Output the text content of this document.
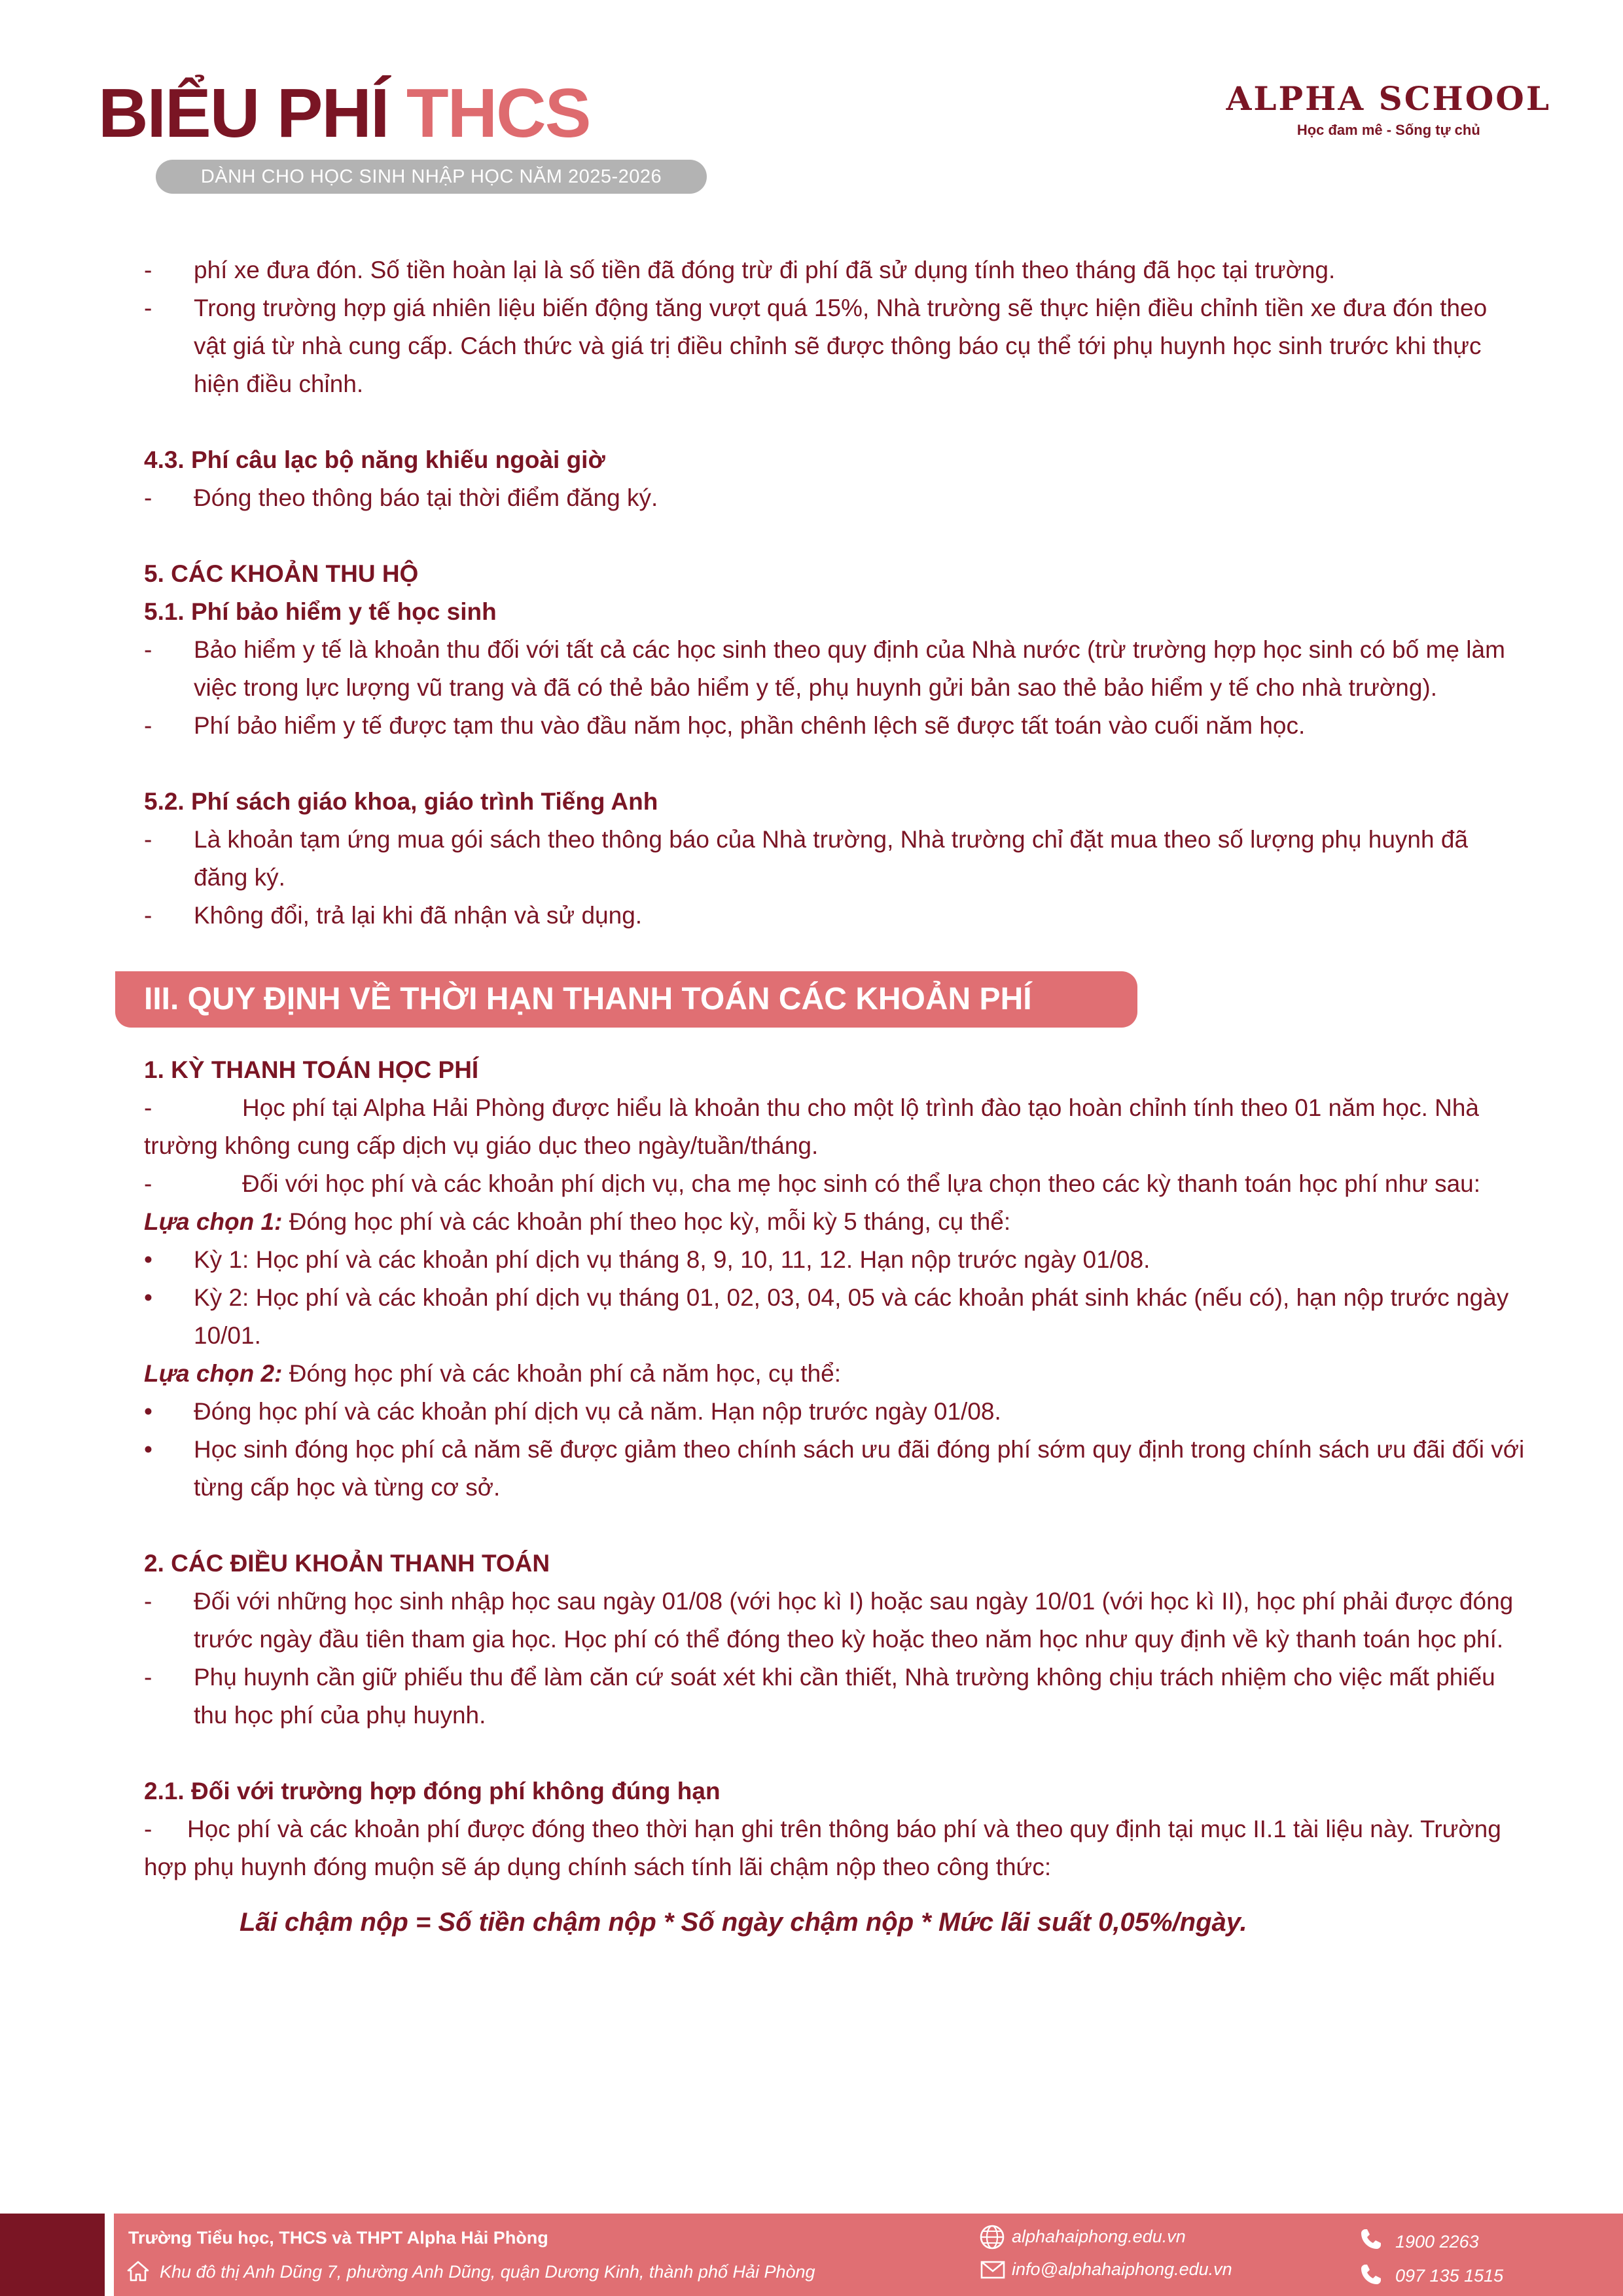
BIỂU PHÍ THCS
DÀNH CHO HỌC SINH NHẬP HỌC NĂM 2025-2026
ALPHA SCHOOL
Học đam mê - Sống tự chủ
- phí xe đưa đón. Số tiền hoàn lại là số tiền đã đóng trừ đi phí đã sử dụng tính theo tháng đã học tại trường.
- Trong trường hợp giá nhiên liệu biến động tăng vượt quá 15%, Nhà trường sẽ thực hiện điều chỉnh tiền xe đưa đón theo vật giá từ nhà cung cấp. Cách thức và giá trị điều chỉnh sẽ được thông báo cụ thể tới phụ huynh học sinh trước khi thực hiện điều chỉnh.
4.3. Phí câu lạc bộ năng khiếu ngoài giờ
- Đóng theo thông báo tại thời điểm đăng ký.
5. CÁC KHOẢN THU HỘ
5.1. Phí bảo hiểm y tế học sinh
- Bảo hiểm y tế là khoản thu đối với tất cả các học sinh theo quy định của Nhà nước (trừ trường hợp học sinh có bố mẹ làm việc trong lực lượng vũ trang và đã có thẻ bảo hiểm y tế, phụ huynh gửi bản sao thẻ bảo hiểm y tế cho nhà trường).
- Phí bảo hiểm y tế được tạm thu vào đầu năm học, phần chênh lệch sẽ được tất toán vào cuối năm học.
5.2. Phí sách giáo khoa, giáo trình Tiếng Anh
- Là khoản tạm ứng mua gói sách theo thông báo của Nhà trường, Nhà trường chỉ đặt mua theo số lượng phụ huynh đã đăng ký.
- Không đổi, trả lại khi đã nhận và sử dụng.
III. QUY ĐỊNH VỀ THỜI HẠN THANH TOÁN CÁC KHOẢN PHÍ
1. KỲ THANH TOÁN HỌC PHÍ
-	Học phí tại Alpha Hải Phòng được hiểu là khoản thu cho một lộ trình đào tạo hoàn chỉnh tính theo 01 năm học. Nhà trường không cung cấp dịch vụ giáo dục theo ngày/tuần/tháng.
-	Đối với học phí và các khoản phí dịch vụ, cha mẹ học sinh có thể lựa chọn theo các kỳ thanh toán học phí như sau:
Lựa chọn 1: Đóng học phí và các khoản phí theo học kỳ, mỗi kỳ 5 tháng, cụ thể:
• Kỳ 1: Học phí và các khoản phí dịch vụ tháng 8, 9, 10, 11, 12. Hạn nộp trước ngày 01/08.
• Kỳ 2: Học phí và các khoản phí dịch vụ tháng 01, 02, 03, 04, 05 và các khoản phát sinh khác (nếu có), hạn nộp trước ngày 10/01.
Lựa chọn 2: Đóng học phí và các khoản phí cả năm học, cụ thể:
• Đóng học phí và các khoản phí dịch vụ cả năm. Hạn nộp trước ngày 01/08.
• Học sinh đóng học phí cả năm sẽ được giảm theo chính sách ưu đãi đóng phí sớm quy định trong chính sách ưu đãi đối với từng cấp học và từng cơ sở.
2. CÁC ĐIỀU KHOẢN THANH TOÁN
- Đối với những học sinh nhập học sau ngày 01/08 (với học kì I) hoặc sau ngày 10/01 (với học kì II), học phí phải được đóng trước ngày đầu tiên tham gia học. Học phí có thể đóng theo kỳ hoặc theo năm học như quy định về kỳ thanh toán học phí.
- Phụ huynh cần giữ phiếu thu để làm căn cứ soát xét khi cần thiết, Nhà trường không chịu trách nhiệm cho việc mất phiếu thu học phí của phụ huynh.
2.1. Đối với trường hợp đóng phí không đúng hạn
- Học phí và các khoản phí được đóng theo thời hạn ghi trên thông báo phí và theo quy định tại mục II.1 tài liệu này. Trường hợp phụ huynh đóng muộn sẽ áp dụng chính sách tính lãi chậm nộp theo công thức:
Lãi chậm nộp = Số tiền chậm nộp * Số ngày chậm nộp * Mức lãi suất 0,05%/ngày.
Trường Tiểu học, THCS và THPT Alpha Hải Phòng
Khu đô thị Anh Dũng 7, phường Anh Dũng, quận Dương Kinh, thành phố Hải Phòng
alphahaiphong.edu.vn
info@alphahaiphong.edu.vn
1900 2263
097 135 1515
